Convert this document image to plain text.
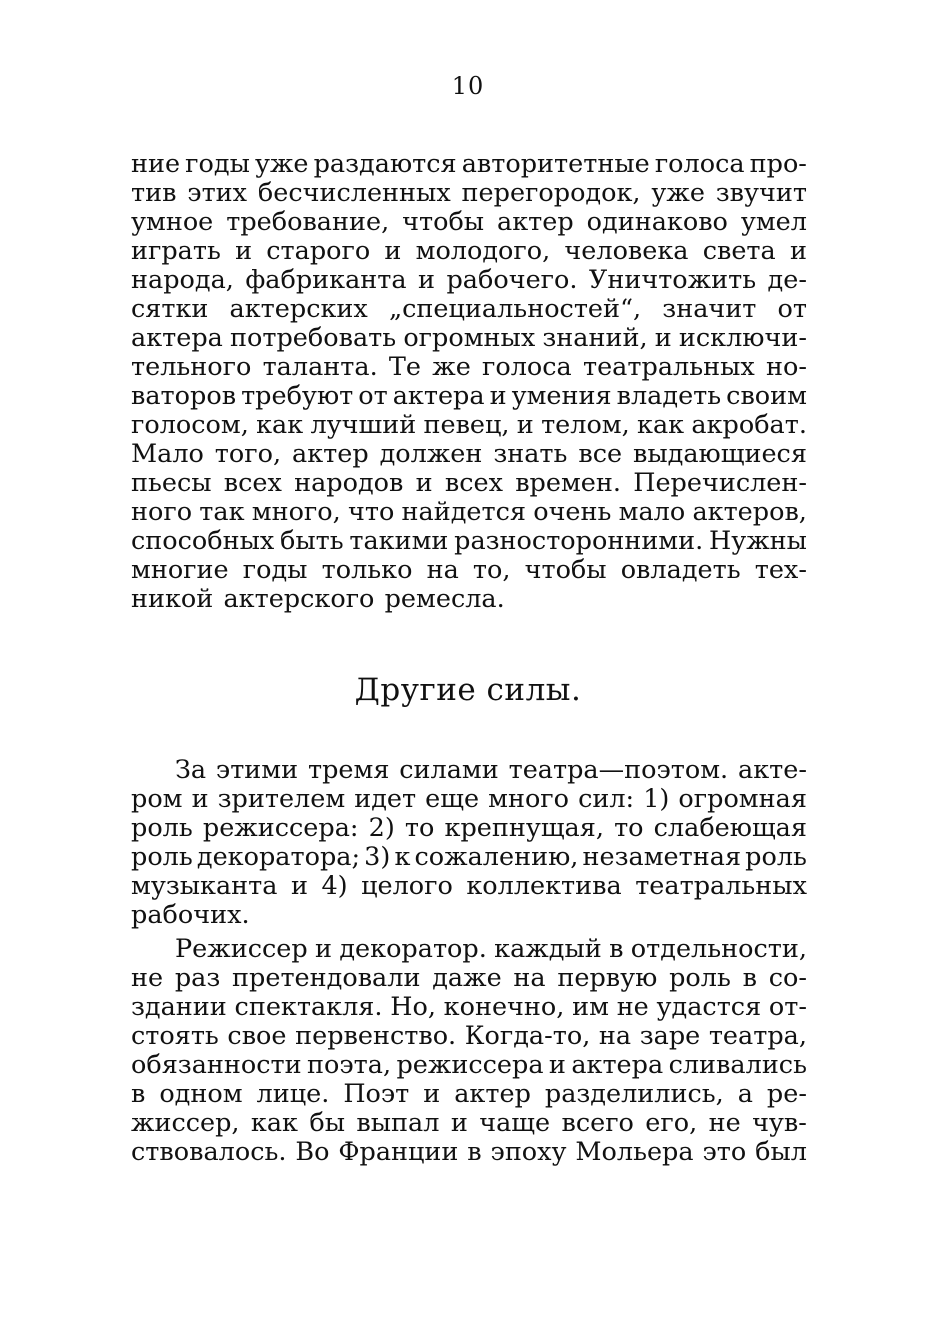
10
ние годы уже раздаются авторитетные голоса про-
тив этих бесчисленных перегородок, уже звучит
умное требование, чтобы актер одинаково умел
играть и старого и молодого, человека света и
народа, фабриканта и рабочего. Уничтожить де-
сятки актерских „специальностей“, значит от
актера потребовать огромных знаний, и исключи-
тельного таланта. Те же голоса театральных но-
ваторов требуют от актера и умения владеть своим
голосом, как лучший певец, и телом, как акробат.
Мало того, актер должен знать все выдающиеся
пьесы всех народов и всех времен. Перечислен-
ного так много, что найдется очень мало актеров,
способных быть такими разносторонними. Нужны
многие годы только на то, чтобы овладеть тех-
никой актерского ремесла.
Другие силы.
За этими тремя силами театра—поэтом. акте-
ром и зрителем идет еще много сил: 1) огромная
роль режиссера: 2) то крепнущая, то слабеющая
роль декоратора; 3) к сожалению, незаметная роль
музыканта и 4) целого коллектива театральных
рабочих.
Режиссер и декоратор. каждый в отдельности,
не раз претендовали даже на первую роль в со-
здании спектакля. Но, конечно, им не удастся от-
стоять свое первенство. Когда-то, на заре театра,
обязанности поэта, режиссера и актера сливались
в одном лице. Поэт и актер разделились, а ре-
жиссер, как бы выпал и чаще всего его, не чув-
ствовалось. Во Франции в эпоху Мольера это был
